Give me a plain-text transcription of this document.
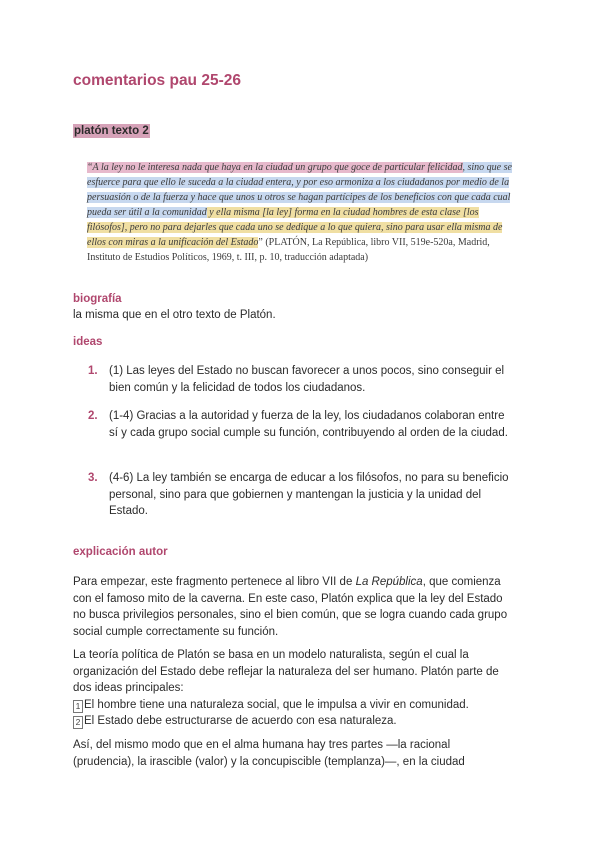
comentarios pau 25-26
platón texto 2

“A la ley no le interesa nada que haya en la ciudad un grupo que goce de particular felicidad, sino que se esfuerce para que ello le suceda a la ciudad entera, y por eso armoniza a los ciudadanos por medio de la persuasión o de la fuerza y hace que unos u otros se hagan partícipes de los beneficios con que cada cual pueda ser útil a la comunidad y ella misma [la ley] forma en la ciudad hombres de esta clase [los filósofos], pero no para dejarles que cada uno se dedique a lo que quiera, sino para usar ella misma de ellos con miras a la unificación del Estado” (PLATÓN, La República, libro VII, 519e-520a, Madrid, Instituto de Estudios Políticos, 1969, t. III, p. 10, traducción adaptada)

biografía

la misma que en el otro texto de Platón.

ideas
1. (1) Las leyes del Estado no buscan favorecer a unos pocos, sino conseguir el bien común y la felicidad de todos los ciudadanos.
2. (1-4) Gracias a la autoridad y fuerza de la ley, los ciudadanos colaboran entre sí y cada grupo social cumple su función, contribuyendo al orden de la ciudad.
3. (4-6) La ley también se encarga de educar a los filósofos, no para su beneficio personal, sino para que gobiernen y mantengan la justicia y la unidad del Estado.
explicación autor

Para empezar, este fragmento pertenece al libro VII de La República, que comienza con el famoso mito de la caverna. En este caso, Platón explica que la ley del Estado no busca privilegios personales, sino el bien común, que se logra cuando cada grupo social cumple correctamente su función.

La teoría política de Platón se basa en un modelo naturalista, según el cual la organización del Estado debe reflejar la naturaleza del ser humano. Platón parte de dos ideas principales:
1 El hombre tiene una naturaleza social, que le impulsa a vivir en comunidad.
2 El Estado debe estructurarse de acuerdo con esa naturaleza.

Así, del mismo modo que en el alma humana hay tres partes —la racional (prudencia), la irascible (valor) y la concupiscible (templanza)—, en la ciudad
